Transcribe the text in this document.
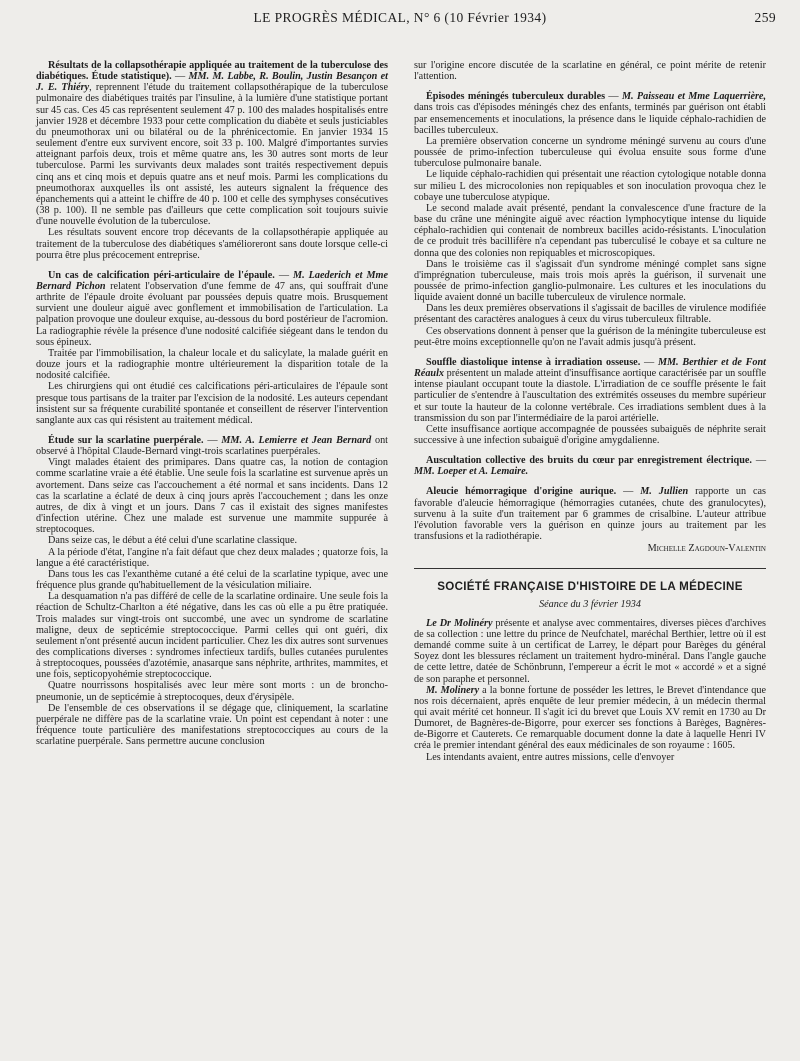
LE PROGRÈS MÉDICAL, N° 6 (10 Février 1934)	259

Résultats de la collapsothérapie appliquée au traitement de la tuberculose des diabétiques. Étude statistique). — MM. M. Labbe, R. Boulin, Justin Besançon et J. E. Thiéry, reprennent l'étude du traitement collapsothérapique de la tuberculose pulmonaire des diabétiques traités par l'insuline, à la lumière d'une statistique portant sur 45 cas. Ces 45 cas représentent seulement 47 p. 100 des malades hospitalisés entre janvier 1928 et décembre 1933 pour cette complication du diabète et seuls justiciables du pneumothorax uni ou bilatéral ou de la phrénicectomie. En janvier 1934 15 seulement d'entre eux survivent encore, soit 33 p. 100. Malgré d'importantes survies atteignant parfois deux, trois et même quatre ans, les 30 autres sont morts de leur tuberculose. Parmi les survivants deux malades sont traités respectivement depuis cinq ans et cinq mois et depuis quatre ans et neuf mois. Parmi les complications du pneumothorax auxquelles ils ont assisté, les auteurs signalent la fréquence des épanchements qui a atteint le chiffre de 40 p. 100 et celle des symphyses consécutives (38 p. 100). Il ne semble pas d'ailleurs que cette complication soit toujours suivie d'une nouvelle évolution de la tuberculose.

Les résultats souvent encore trop décevants de la collapsothérapie appliquée au traitement de la tuberculose des diabétiques s'amélioreront sans doute lorsque celle-ci pourra être plus précocement entreprise.

Un cas de calcification péri-articulaire de l'épaule. — M. Laederich et Mme Bernard Pichon relatent l'observation d'une femme de 47 ans, qui souffrait d'une arthrite de l'épaule droite évoluant par poussées depuis quatre mois. Brusquement survient une douleur aiguë avec gonflement et immobilisation de l'articulation. La palpation provoque une douleur exquise, au-dessous du bord postérieur de l'acromion. La radiographie révèle la présence d'une nodosité calcifiée siégeant dans le tendon du sous épineux.

Traitée par l'immobilisation, la chaleur locale et du salicylate, la malade guérit en douze jours et la radiographie montre ultérieurement la disparition totale de la nodosité calcifiée.

Les chirurgiens qui ont étudié ces calcifications péri-articulaires de l'épaule sont presque tous partisans de la traiter par l'excision de la nodosité. Les auteurs cependant insistent sur sa fréquente curabilité spontanée et conseillent de réserver l'intervention sanglante aux cas qui résistent au traitement médical.

Étude sur la scarlatine puerpérale. — MM. A. Lemierre et Jean Bernard ont observé à l'hôpital Claude-Bernard vingt-trois scarlatines puerpérales.

Vingt malades étaient des primipares. Dans quatre cas, la notion de contagion comme scarlatine vraie a été établie. Une seule fois la scarlatine est survenue après un avortement. Dans seize cas l'accouchement a été normal et sans incidents. Dans 12 cas la scarlatine a éclaté de deux à cinq jours après l'accouchement ; dans les onze autres, de dix à vingt et un jours. Dans 7 cas il existait des signes manifestes d'infection utérine. Chez une malade est survenue une mammite suppurée à streptocoques.

Dans seize cas, le début a été celui d'une scarlatine classique.

A la période d'état, l'angine n'a fait défaut que chez deux malades ; quatorze fois, la langue a été caractéristique.

Dans tous les cas l'exanthème cutané a été celui de la scarlatine typique, avec une fréquence plus grande qu'habituellement de la vésiculation miliaire.

La desquamation n'a pas différé de celle de la scarlatine ordinaire. Une seule fois la réaction de Schultz-Charlton a été négative, dans les cas où elle a pu être pratiquée. Trois malades sur vingt-trois ont succombé, une avec un syndrome de scarlatine maligne, deux de septicémie streptococcique. Parmi celles qui ont guéri, dix seulement n'ont présenté aucun incident particulier. Chez les dix autres sont survenues des complications diverses : syndromes infectieux tardifs, bulles cutanées purulentes à streptocoques, poussées d'azotémie, anasarque sans néphrite, arthrites, mammites, et une fois, septicopyohémie streptococcique.

Quatre nourrissons hospitalisés avec leur mère sont morts : un de broncho-pneumonie, un de septicémie à streptocoques, deux d'érysipèle.

De l'ensemble de ces observations il se dégage que, cliniquement, la scarlatine puerpérale ne diffère pas de la scarlatine vraie. Un point est cependant à noter : une fréquence toute particulière des manifestations streptococciques au cours de la scarlatine puerpérale. Sans permettre aucune conclusion

sur l'origine encore discutée de la scarlatine en général, ce point mérite de retenir l'attention.

Épisodes méningés tuberculeux durables — M. Paisseau et Mme Laquerrière, dans trois cas d'épisodes méningés chez des enfants, terminés par guérison ont établi par ensemencements et inoculations, la présence dans le liquide céphalo-rachidien de bacilles tuberculeux.

La première observation concerne un syndrome méningé survenu au cours d'une poussée de primo-infection tuberculeuse qui évolua ensuite sous forme d'une tuberculose pulmonaire banale.

Le liquide céphalo-rachidien qui présentait une réaction cytologique notable donna sur milieu L des microcolonies non repiquables et son inoculation provoqua chez le cobaye une tuberculose atypique.

Le second malade avait présenté, pendant la convalescence d'une fracture de la base du crâne une méningite aiguë avec réaction lymphocytique intense du liquide céphalo-rachidien qui contenait de nombreux bacilles acido-résistants. L'inoculation de ce produit très bacillifère n'a cependant pas tuberculisé le cobaye et sa culture ne donna que des colonies non repiquables et microscopiques.

Dans le troisième cas il s'agissait d'un syndrome méningé complet sans signe d'imprégnation tuberculeuse, mais trois mois après la guérison, il survenait une poussée de primo-infection ganglio-pulmonaire. Les cultures et les inoculations du liquide avaient donné un bacille tuberculeux de virulence normale.

Dans les deux premières observations il s'agissait de bacilles de virulence modifiée présentant des caractères analogues à ceux du virus tuberculeux filtrable.

Ces observations donnent à penser que la guérison de la méningite tuberculeuse est peut-être moins exceptionnelle qu'on ne l'avait admis jusqu'à présent.

Souffle diastolique intense à irradiation osseuse. — MM. Berthier et de Font Réaulx présentent un malade atteint d'insuffisance aortique caractérisée par un souffle intense piaulant occupant toute la diastole. L'irradiation de ce souffle présente le fait particulier de s'entendre à l'auscultation des extrémités osseuses du membre supérieur et sur toute la hauteur de la colonne vertébrale. Ces irradiations semblent dues à la transmission du son par l'intermédiaire de la paroi artérielle.

Cette insuffisance aortique accompagnée de poussées subaiguës de néphrite serait successive à une infection subaiguë d'origine amygdalienne.

Auscultation collective des bruits du cœur par enregistrement électrique. — MM. Loeper et A. Lemaire.

Aleucie hémorragique d'origine aurique. — M. Jullien rapporte un cas favorable d'aleucie hémorragique (hémorragies cutanées, chute des granulocytes), survenu à la suite d'un traitement par 6 grammes de crisalbine. L'auteur attribue l'évolution favorable vers la guérison en quinze jours au traitement par les transfusions et la radiothérapie.

Michelle Zagdoun-Valentin

SOCIÉTÉ FRANÇAISE D'HISTOIRE DE LA MÉDECINE
Séance du 3 février 1934

Le Dr Molinéry présente et analyse avec commentaires, diverses pièces d'archives de sa collection : une lettre du prince de Neufchatel, maréchal Berthier, lettre où il est demandé comme suite à un certificat de Larrey, le départ pour Barèges du général Soyez dont les blessures réclament un traitement hydro-minéral. Dans l'angle gauche de cette lettre, datée de Schönbrunn, l'empereur a écrit le mot « accordé » et a signé de son paraphe et personnel.

M. Molinery a la bonne fortune de posséder les lettres, le Brevet d'intendance que nos rois décernaient, après enquête de leur premier médecin, à un médecin thermal qui avait mérité cet honneur. Il s'agit ici du brevet que Louis XV remit en 1730 au Dr Dumoret, de Bagnères-de-Bigorre, pour exercer ses fonctions à Barèges, Bagnères-de-Bigorre et Cauterets. Ce remarquable document donne la date à laquelle Henri IV créa le premier intendant général des eaux médicinales de son royaume : 1605.

Les intendants avaient, entre autres missions, celle d'envoyer
